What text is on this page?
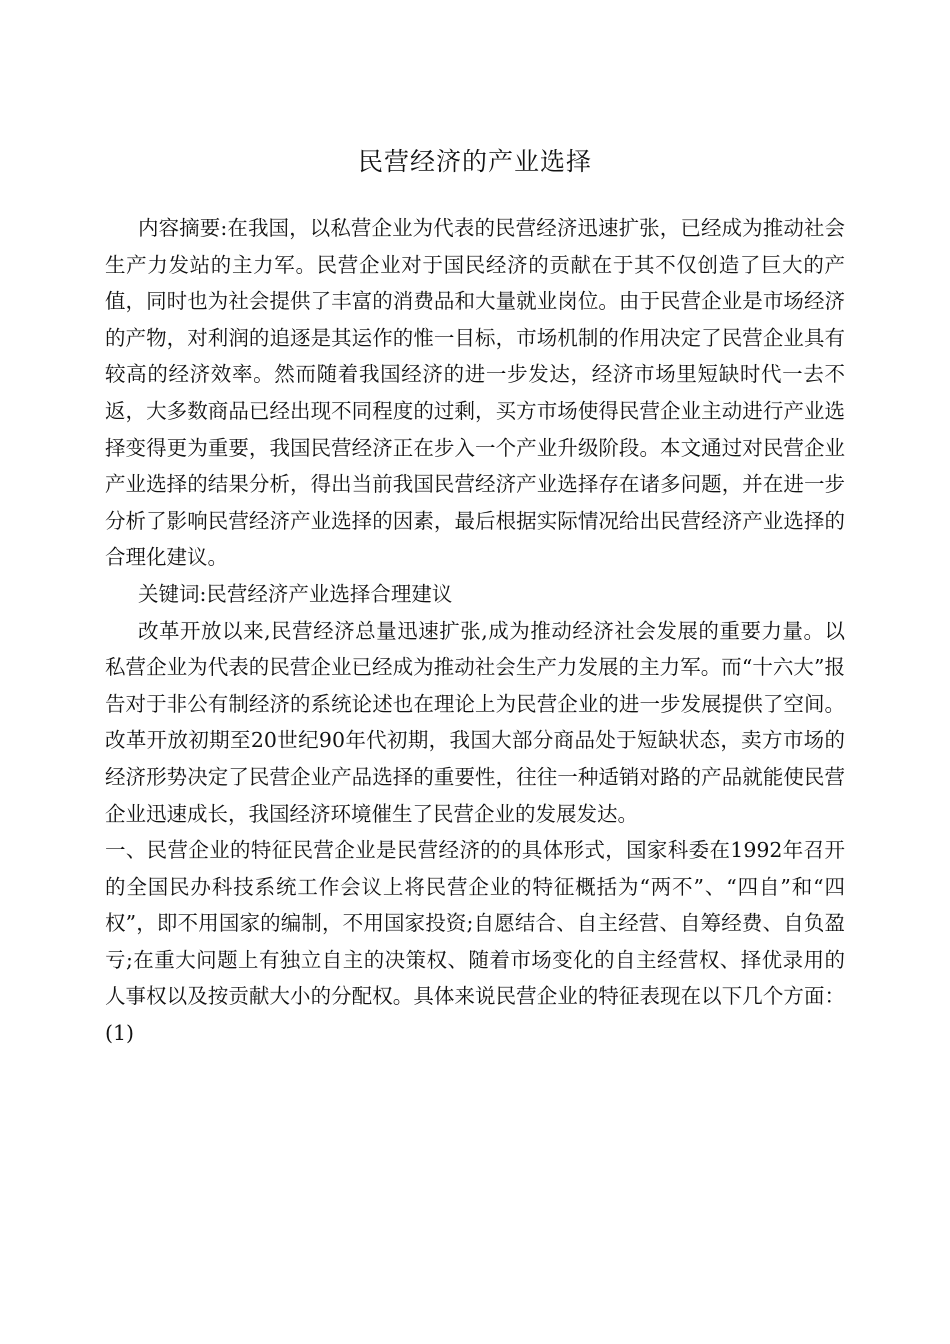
民营经济的产业选择

内容摘要:在我国，以私营企业为代表的民营经济迅速扩张，已经成为推动社会生产力发站的主力军。民营企业对于国民经济的贡献在于其不仅创造了巨大的产值，同时也为社会提供了丰富的消费品和大量就业岗位。由于民营企业是市场经济的产物，对利润的追逐是其运作的惟一目标，市场机制的作用决定了民营企业具有较高的经济效率。然而随着我国经济的进一步发达，经济市场里短缺时代一去不返，大多数商品已经出现不同程度的过剩，买方市场使得民营企业主动进行产业选择变得更为重要，我国民营经济正在步入一个产业升级阶段。本文通过对民营企业产业选择的结果分析，得出当前我国民营经济产业选择存在诸多问题，并在进一步分析了影响民营经济产业选择的因素，最后根据实际情况给出民营经济产业选择的合理化建议。

关键词:民营经济产业选择合理建议

改革开放以来,民营经济总量迅速扩张,成为推动经济社会发展的重要力量。以私营企业为代表的民营企业已经成为推动社会生产力发展的主力军。而“十六大”报告对于非公有制经济的系统论述也在理论上为民营企业的进一步发展提供了空间。改革开放初期至20世纪90年代初期，我国大部分商品处于短缺状态，卖方市场的经济形势决定了民营企业产品选择的重要性，往往一种适销对路的产品就能使民营企业迅速成长，我国经济环境催生了民营企业的发展发达。

一、民营企业的特征民营企业是民营经济的的具体形式，国家科委在1992年召开的全国民办科技系统工作会议上将民营企业的特征概括为“两不”、“四自”和“四权”，即不用国家的编制，不用国家投资;自愿结合、自主经营、自筹经费、自负盈亏;在重大问题上有独立自主的决策权、随着市场变化的自主经营权、择优录用的人事权以及按贡献大小的分配权。具体来说民营企业的特征表现在以下几个方面：(1)
